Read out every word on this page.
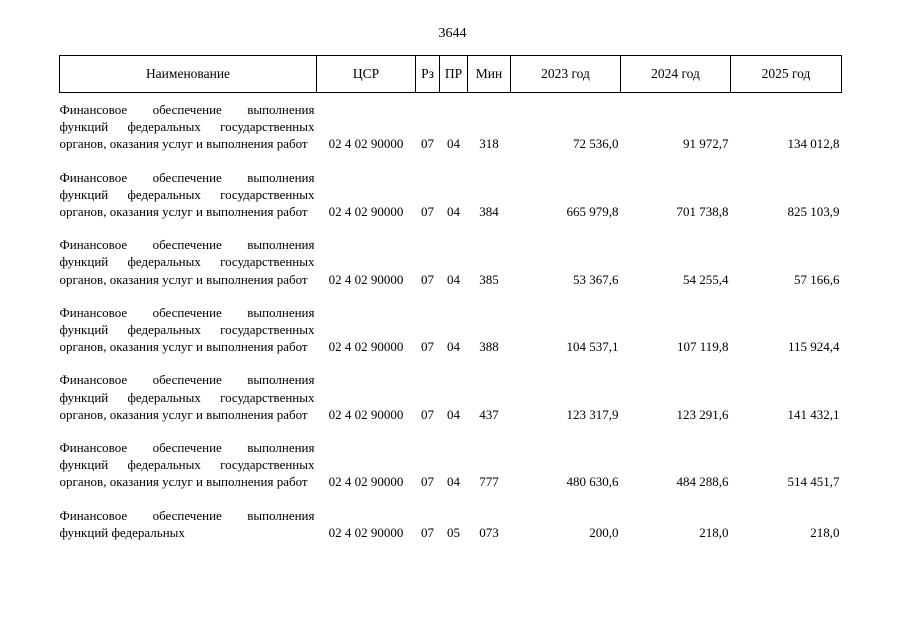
3644
Наименование	ЦСР	Рз	ПР	Мин	2023 год	2024 год	2025 год

Финансовое обеспечение выполнения функций федеральных государственных органов, оказания услуг и выполнения работ	02 4 02 90000	07	04	318	72 536,0	91 972,7	134 012,8

Финансовое обеспечение выполнения функций федеральных государственных органов, оказания услуг и выполнения работ	02 4 02 90000	07	04	384	665 979,8	701 738,8	825 103,9

Финансовое обеспечение выполнения функций федеральных государственных органов, оказания услуг и выполнения работ	02 4 02 90000	07	04	385	53 367,6	54 255,4	57 166,6

Финансовое обеспечение выполнения функций федеральных государственных органов, оказания услуг и выполнения работ	02 4 02 90000	07	04	388	104 537,1	107 119,8	115 924,4

Финансовое обеспечение выполнения функций федеральных государственных органов, оказания услуг и выполнения работ	02 4 02 90000	07	04	437	123 317,9	123 291,6	141 432,1

Финансовое обеспечение выполнения функций федеральных государственных органов, оказания услуг и выполнения работ	02 4 02 90000	07	04	777	480 630,6	484 288,6	514 451,7

Финансовое обеспечение выполнения функций федеральных	02 4 02 90000	07	05	073	200,0	218,0	218,0
